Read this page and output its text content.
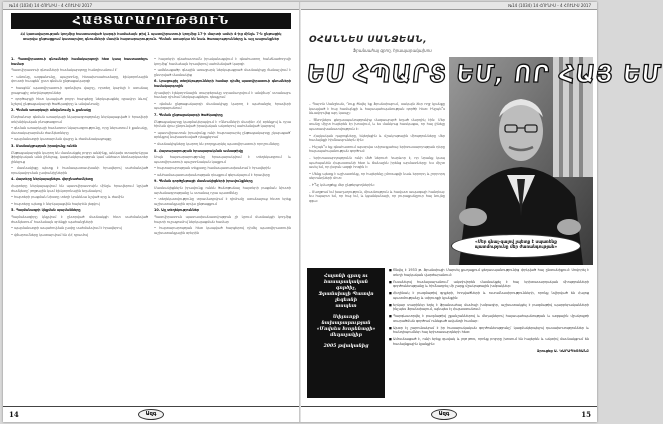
№14 (1034) 14 ՀՈՒՆԻՍ - 4 ՀՈՒԼԻՍ 2017
ՀԱՅՏԱՐԱՐՈՒԹՅՈՒՆ
ՀՀ կառավարության կողմից հաստատված կարգի համաձայն թիվ 1 պատվիրատուի կողմից 17-ի մարտի ամսի 4-ից մինչև 7-ն ընթացիկ տարվա ընթացքում կատարվող գնումների մասին հայտարարություն. Գնման առարկա են նաև ծառայությունները և այլ ապրանքներ
1. Պատվիրատուի գնումների համակարգողի հետ կապ հաստատելու համար
Պատվիրատուի գնումների համակարգողը հանդիսանում է՝
• անունը, ազգանունը, պաշտոնը, հեռախոսահամարը, էլեկտրոնային փոստի հասցեն՝ ըստ գնման ընթացակարգի
• հասցեն՝ պատվիրատուի գտնվելու վայրը, որտեղ կարելի է ստանալ լրացուցիչ տեղեկություններ
• գործարքի հետ կապված բոլոր հարցերը ներկայացնել գրավոր ձևով՝ նշելով ընթացակարգի ծածկագիրը և անվանումը
2. Գնման առարկայի անվանումը և քանակը
Ընդհանուր գնման առարկայի նկարագրությունը ներկայացված է հրավերի տեխնիկական բնութագրում
• գնման առարկայի համառոտ նկարագրությունը, որը ներառում է քանակը, մատակարարման ժամկետները
• պայմանագրի կատարման վայրը և ժամանակացույցը
3. Մասնակցության իրավունք ունեն
Ընթացակարգին կարող են մասնակցել բոլոր անձինք, անկախ օտարերկրյա ֆիզիկական անձ լինելուց, կազմակերպություն կամ անհատ ձեռնարկատեր լինելուց
• մասնակիցը պետք է համապատասխանի հրավերով սահմանված որակավորման չափանիշներին
4. Հայտերը ներկայացնելու վերջնաժամկետը
Հայտերը ներկայացվում են պատվիրատուին մինչև հրավերում նշված ժամկետը՝ թղթային կամ էլեկտրոնային եղանակով
• հայտերի բացման նիստը տեղի կունենա նշված օրը և ժամին
• հայտերը պետք է ներկայացվեն հայերեն լեզվով
5. Պայմանագրի կնքման պայմանները
Պայմանագիրը կնքվում է ընտրված մասնակցի հետ սահմանված ժամկետում՝ համաձայն օրենքի պահանջների
• պայմանագրի ապահովման չափը սահմանվում է հրավերով
• վճարումները կատարվում են ՀՀ դրամով
• հայտերի գնահատումն իրականացվում է գնահատող հանձնաժողովի կողմից՝ համաձայն հրավերով սահմանված կարգի
• ամենացածր գնային առաջարկ ներկայացրած մասնակիցը ճանաչվում է ընտրված մասնակից
6. Լրացուցիչ տեղեկությունների համար դիմել պատվիրատուի գնումների համակարգողին
Հրավերի էլեկտրոնային տարբերակը տրամադրվում է անվճար՝ ստանալու համար դիմում ներկայացնելու դեպքում
• գնման ընթացակարգի մասնակիցը կարող է պահանջել հրավերի պարզաբանում
7. Գնման ընթացակարգի ծածկագիրը
Ընթացակարգը կազմակերպվում է «Գնումների մասին» ՀՀ օրենքով և դրա հիման վրա ընդունված իրավական ակտերով սահմանված կարգով
• պատվիրատուն իրավունք ունի հայտարարել ընթացակարգը չկայացած՝ օրենքով նախատեսված դեպքերում
• մասնակիցները կարող են բողոքարկել պատվիրատուի որոշումները
8. Հայտարարության հրապարակման ամսաթիվը
Սույն հայտարարությունը հրապարակվում է տեղեկագրում և պատվիրատուի պաշտոնական կայքում
• հայտարարության տեքստը համապատասխանում է հրավերին
• անհամապատասխանության դեպքում գերակայում է հրավերը
9. Գնման գործընթացի մասնակիցների իրավունքները
Մասնակիցներն իրավունք ունեն ծանոթանալ հայտերի բացման նիստի արձանագրությանը և ստանալ դրա պատճենը
• տեղեկատվությունը տրամադրվում է դիմումը ստանալուց հետո երեք աշխատանքային օրվա ընթացքում
10. Այլ տեղեկություններ
Պատվիրատուն պատասխանատվություն չի կրում մասնակցի կողմից հայտի ուշացումով ներկայացման համար
• հայտարարության հետ կապված հարցերով դիմել պատվիրատուին աշխատանքային օրերին
14	Ազգ
№14 (1034) 14 ՀՈՒՆԻՍ - 4 ՀՈՒԼԻՍ 2017
ՕՀԱՆՆԵՍ ՍԱՆՋԵԱՆ,
Ֆրանսահայ գրող, հրապարակախոս
ԵՍ ՀՊԱՐՏ ԵՄ, ՈՐ ՀԱՅ ԵՄ
– Պարոն Սանջեան, Դուք ծնվել եք Ֆրանսիայում, սակայն ձեր ողջ կյանքը կապված է հայ համայնքի և հայապահպանության գործի հետ։ Ինչպե՞ս ձևավորվեց այդ կապը։
– Ծնողներս ցեղասպանությունից մազապուրծ եղած մարդիկ էին։ Մեր տանը միշտ հայերեն էր խոսվում, և ես մանկուց հասկացա, որ հայ լինելը պատասխանատվություն է։
• Հայկական դպրոցները, եկեղեցին և մշակութային միությունները մեր համայնքի հիմնասյուներն էին։
– Ինչպե՞ս եք գնահատում այսօրվա սփյուռքահայ երիտասարդության դերը հայապահպանության գործում։
– Երիտասարդությունն ունի մեծ ներուժ։ Կարևոր է, որ նրանք կապ պահպանեն Հայաստանի հետ և ճանաչեն իրենց արմատները։ Ես միշտ ասել եմ, որ լեզուն ազգի հոգին է։
• Մենք պետք է աշխատենք, որ հայերենը չմոռացվի նաև երրորդ և չորրորդ սերունդների մոտ։
– Ի՞նչ կմաղթեք մեր ընթերցողներին։
– Մաղթում եմ խաղաղություն, միասնություն և հավատ ապագայի հանդեպ։ Ես հպարտ եմ, որ հայ եմ, և կցանկանայի, որ յուրաքանչյուր հայ նույնը զգա։
«Մեր գնալ-գալով չպետք է սպառենք պատմությունը մեր ժառանգության»
Հայտնի գրող ու հասարակական
գործիչ,
Ֆրանսիայի Պատվո լեգեոնի
ասպետ
Սփյուռքի նախարարության
«Մովսես Խորենացի»
մեդալակիր
2005 թվականից
■ Ծնվել է 1933 թ. Ֆրանսիայի Մարսել քաղաքում ցեղասպանությունից փրկված հայ ընտանիքում։ Սովորել է տեղի հայկական վարժարանում։
■ Ուսանելով համալսարանում՝ ակտիվորեն մասնակցել է հայ երիտասարդական միությունների գործունեությանը և հիմնադրել մի շարք մշակութային խմբակներ։
■ Հեղինակ է բազմաթիվ գրքերի, հոդվածների և ուսումնասիրությունների, որոնք նվիրված են Հայոց պատմությանը և սփյուռքի կյանքին։
■ Երկար տարիներ եղել է ֆրանսահայ մամուլի խմբագիր, աշխատակցել է բազմաթիվ պարբերականների ինչպես Ֆրանսիայում, այնպես էլ Հայաստանում։
■ Պարգևատրվել է բազմաթիվ շքանշաններով և մեդալներով հայապահպանության և ազգային մշակույթի տարածման գործում ունեցած ավանդի համար։
■ Այսօր էլ շարունակում է իր հասարակական գործունեությունը՝ կազմակերպելով դասախոսություններ և հանդիպումներ հայ երիտասարդների հետ։
■ Ամուսնացած է, ունի երեք զավակ և յոթ թոռ, որոնք բոլորը խոսում են հայերեն և ակտիվ մասնակցում են համայնքային կյանքին։
Զրուցեց Ա. ԿԱՐԱՊԵՏՅԱՆԸ
Ազգ	15
